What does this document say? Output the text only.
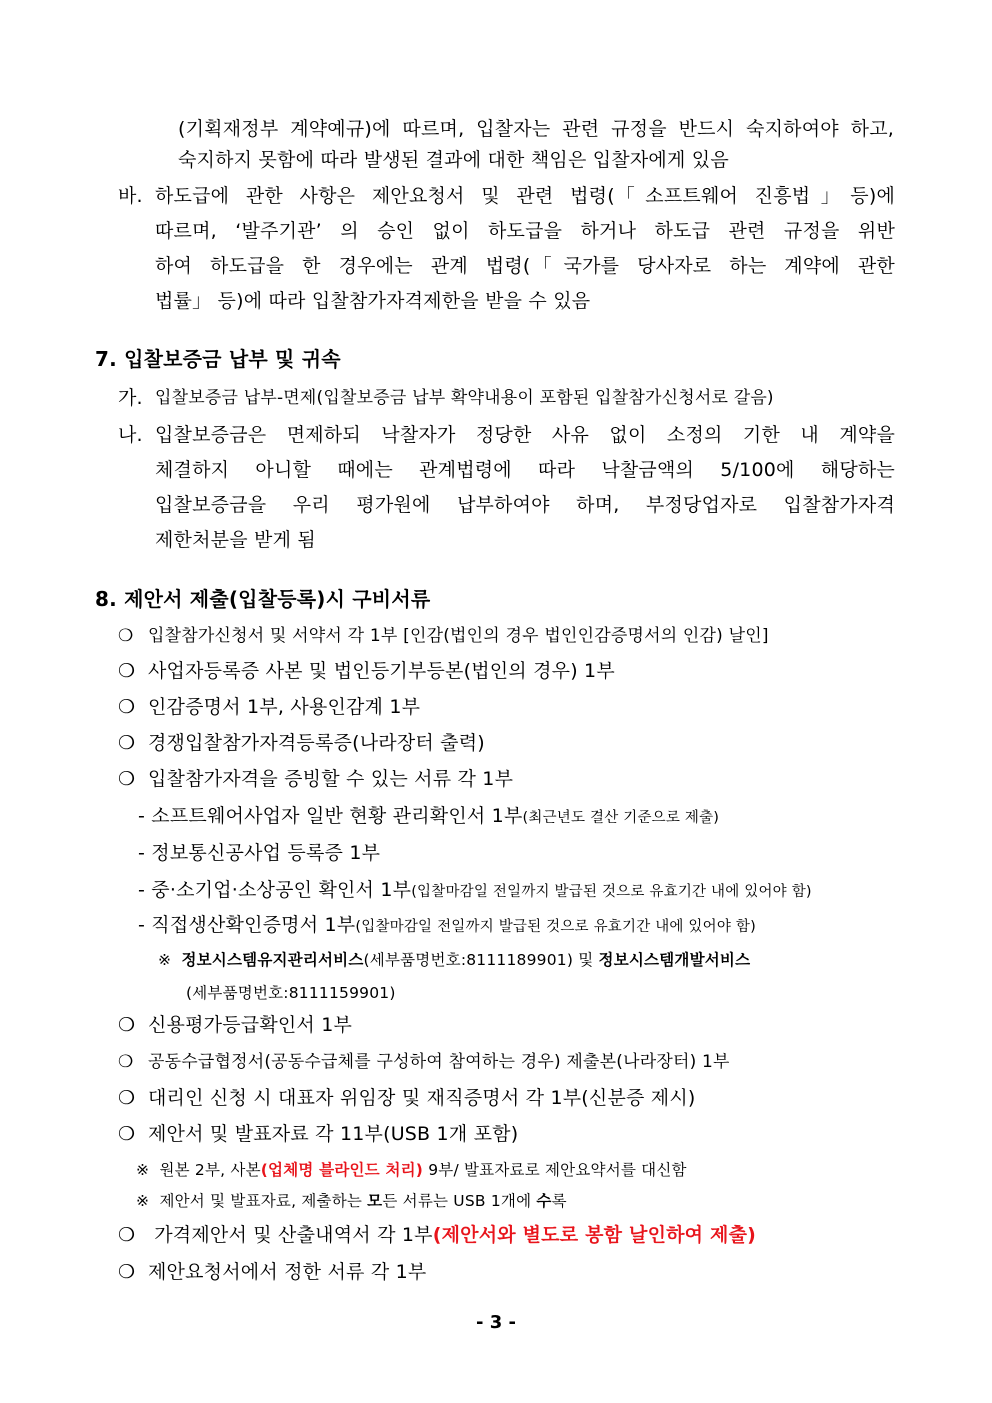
(기획재정부 계약예규)에 따르며, 입찰자는 관련 규정을 반드시 숙지하여야 하고,
숙지하지 못함에 따라 발생된 결과에 대한 책임은 입찰자에게 있음
바. 하도급에 관한 사항은 제안요청서 및 관련 법령(「소프트웨어 진흥법」등)에
따르며, ‘발주기관’ 의 승인 없이 하도급을 하거나 하도급 관련 규정을 위반
하여 하도급을 한 경우에는 관계 법령(「국가를 당사자로 하는 계약에 관한
법률」 등)에 따라 입찰참가자격제한을 받을 수 있음
7. 입찰보증금 납부 및 귀속
가. 입찰보증금 납부-면제(입찰보증금 납부 확약내용이 포함된 입찰참가신청서로 갈음)
나. 입찰보증금은 면제하되 낙찰자가 정당한 사유 없이 소정의 기한 내 계약을
체결하지 아니할 때에는 관계법령에 따라 낙찰금액의 5/100에 해당하는
입찰보증금을 우리 평가원에 납부하여야 하며, 부정당업자로 입찰참가자격
제한처분을 받게 됨
8. 제안서 제출(입찰등록)시 구비서류
❍ 입찰참가신청서 및 서약서 각 1부 [인감(법인의 경우 법인인감증명서의 인감) 날인]
❍ 사업자등록증 사본 및 법인등기부등본(법인의 경우) 1부
❍ 인감증명서 1부, 사용인감계 1부
❍ 경쟁입찰참가자격등록증(나라장터 출력)
❍ 입찰참가자격을 증빙할 수 있는 서류 각 1부
- 소프트웨어사업자 일반 현황 관리확인서 1부(최근년도 결산 기준으로 제출)
- 정보통신공사업 등록증 1부
- 중·소기업·소상공인 확인서 1부(입찰마감일 전일까지 발급된 것으로 유효기간 내에 있어야 함)
- 직접생산확인증명서 1부(입찰마감일 전일까지 발급된 것으로 유효기간 내에 있어야 함)
※ 정보시스템유지관리서비스(세부품명번호:8111189901) 및 정보시스템개발서비스
(세부품명번호:8111159901)
❍ 신용평가등급확인서 1부
❍ 공동수급협정서(공동수급체를 구성하여 참여하는 경우) 제출본(나라장터) 1부
❍ 대리인 신청 시 대표자 위임장 및 재직증명서 각 1부(신분증 제시)
❍ 제안서 및 발표자료 각 11부(USB 1개 포함)
※ 원본 2부, 사본(업체명 블라인드 처리) 9부/ 발표자료로 제안요약서를 대신함
※ 제안서 및 발표자료, 제출하는 모든 서류는 USB 1개에 수록
❍ 가격제안서 및 산출내역서 각 1부(제안서와 별도로 봉함 날인하여 제출)
❍ 제안요청서에서 정한 서류 각 1부
- 3 -
